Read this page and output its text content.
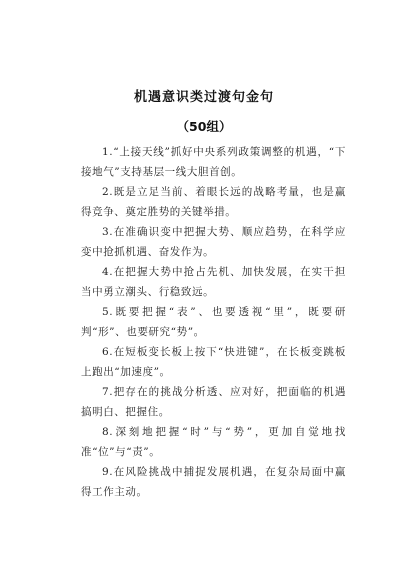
机遇意识类过渡句金句
（50组）
1.“上接天线”抓好中央系列政策调整的机遇，“下接地气”支持基层一线大胆首创。
2.既是立足当前、着眼长远的战略考量，也是赢得竞争、奠定胜势的关键举措。
3.在准确识变中把握大势、顺应趋势，在科学应变中抢抓机遇、奋发作为。
4.在把握大势中抢占先机、加快发展，在实干担当中勇立潮头、行稳致远。
5.既要把握“表”、也要透视“里”，既要研判“形”、也要研究“势”。
6.在短板变长板上按下“快进键”，在长板变跳板上跑出“加速度”。
7.把存在的挑战分析透、应对好，把面临的机遇搞明白、把握住。
8.深刻地把握“时”与“势”，更加自觉地找准“位”与“责”。
9.在风险挑战中捕捉发展机遇，在复杂局面中赢得工作主动。
